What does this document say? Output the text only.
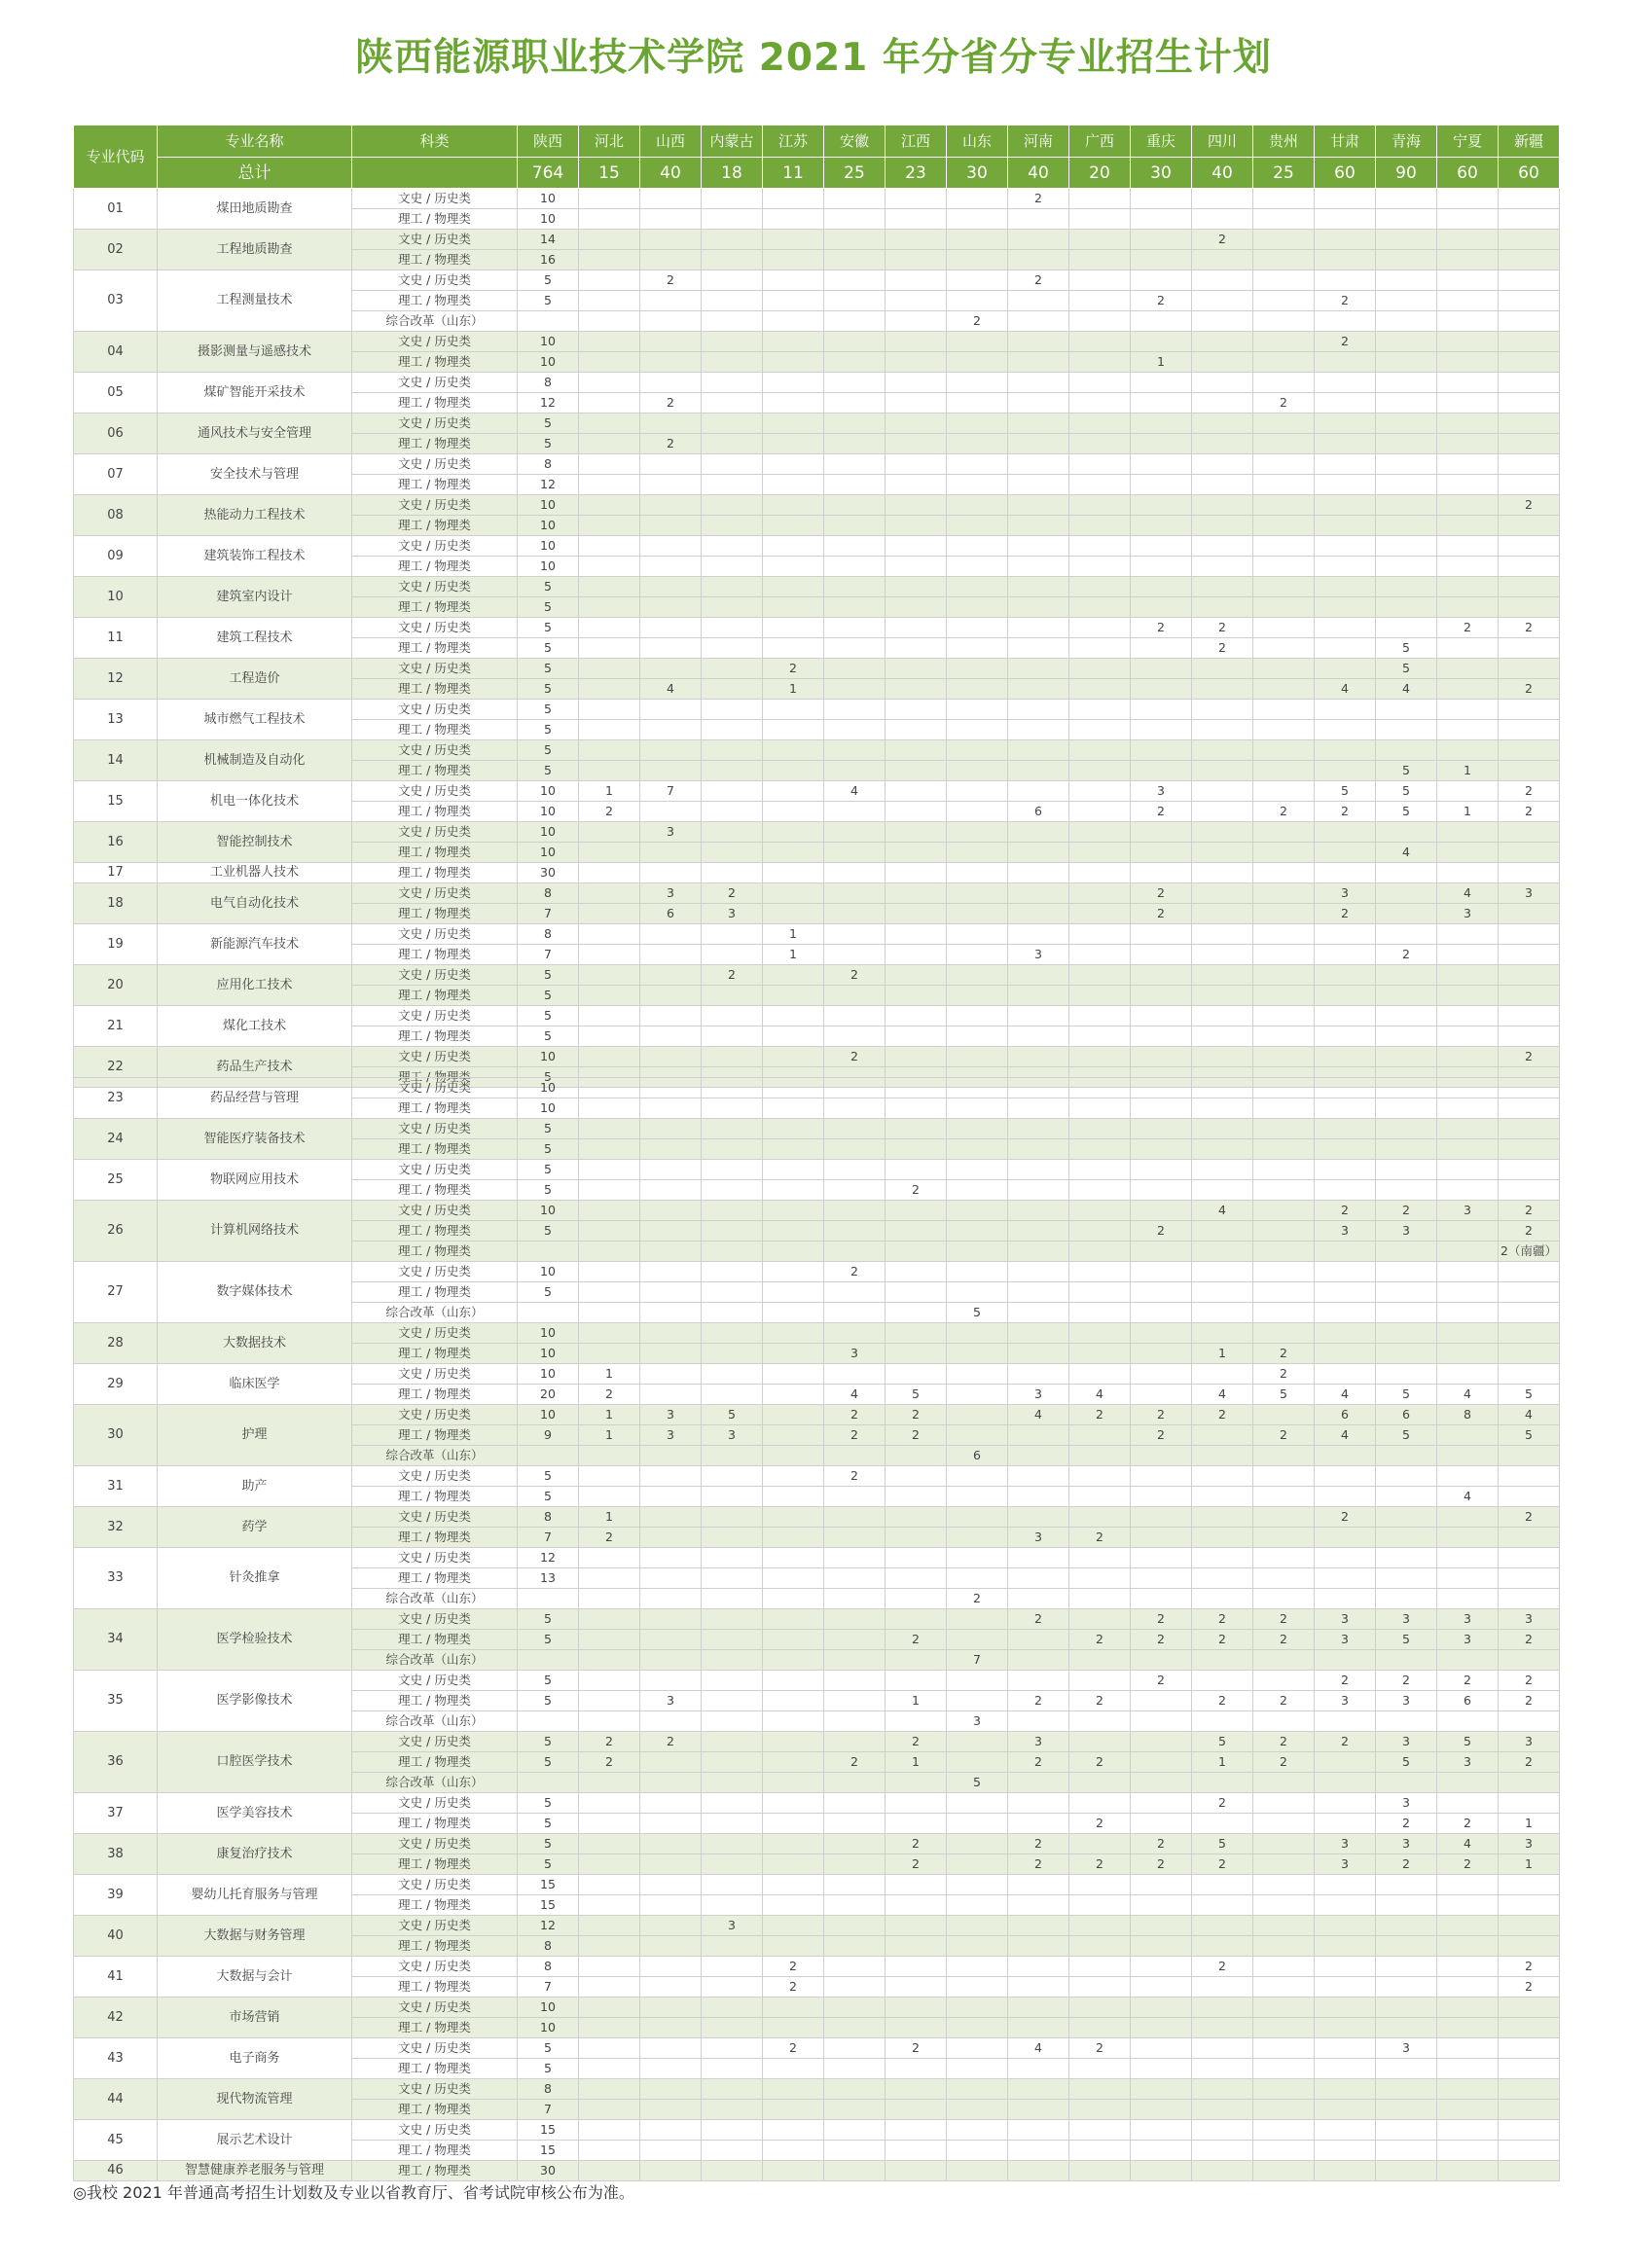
陕西能源职业技术学院 2021 年分省分专业招生计划
专业代码	专业名称	科类	陕西	河北	山西	内蒙古	江苏	安徽	江西	山东	河南	广西	重庆	四川	贵州	甘肃	青海	宁夏	新疆
	总计		764	15	40	18	11	25	23	30	40	20	30	40	25	60	90	60	60
01	煤田地质勘查	文史 / 历史类	10								2								
		理工 / 物理类	10																
02	工程地质勘查	文史 / 历史类	14											2					
		理工 / 物理类	16																
03	工程测量技术	文史 / 历史类	5		2						2								
		理工 / 物理类	5										2			2			
		综合改革（山东）								2									
04	摄影测量与遥感技术	文史 / 历史类	10													2			
		理工 / 物理类	10										1						
05	煤矿智能开采技术	文史 / 历史类	8																
		理工 / 物理类	12		2										2				
06	通风技术与安全管理	文史 / 历史类	5																
		理工 / 物理类	5		2														
07	安全技术与管理	文史 / 历史类	8																
		理工 / 物理类	12																
08	热能动力工程技术	文史 / 历史类	10																2
		理工 / 物理类	10																
09	建筑装饰工程技术	文史 / 历史类	10																
		理工 / 物理类	10																
10	建筑室内设计	文史 / 历史类	5																
		理工 / 物理类	5																
11	建筑工程技术	文史 / 历史类	5										2	2				2	2
		理工 / 物理类	5											2			5		
12	工程造价	文史 / 历史类	5				2										5		
		理工 / 物理类	5		4		1									4	4		2
13	城市燃气工程技术	文史 / 历史类	5																
		理工 / 物理类	5																
14	机械制造及自动化	文史 / 历史类	5																
		理工 / 物理类	5														5	1	
15	机电一体化技术	文史 / 历史类	10	1	7			4					3			5	5		2
		理工 / 物理类	10	2							6		2		2	2	5	1	2
16	智能控制技术	文史 / 历史类	10		3														
		理工 / 物理类	10														4		
17	工业机器人技术	理工 / 物理类	30																
18	电气自动化技术	文史 / 历史类	8		3	2							2			3		4	3
		理工 / 物理类	7		6	3							2			2		3	
19	新能源汽车技术	文史 / 历史类	8				1												
		理工 / 物理类	7				1				3						2		
20	应用化工技术	文史 / 历史类	5			2		2											
		理工 / 物理类	5																
21	煤化工技术	文史 / 历史类	5																
		理工 / 物理类	5																
22	药品生产技术	文史 / 历史类	10					2											2
		理工 / 物理类	5																
23	药品经营与管理	文史 / 历史类	10																
		理工 / 物理类	10																
24	智能医疗装备技术	文史 / 历史类	5																
		理工 / 物理类	5																
25	物联网应用技术	文史 / 历史类	5																
		理工 / 物理类	5						2										
26	计算机网络技术	文史 / 历史类	10											4		2	2	3	2
		理工 / 物理类	5										2			3	3		2
		理工 / 物理类																	2（南疆）
27	数字媒体技术	文史 / 历史类	10					2											
		理工 / 物理类	5																
		综合改革（山东）								5									
28	大数据技术	文史 / 历史类	10																
		理工 / 物理类	10					3						1	2				
29	临床医学	文史 / 历史类	10	1											2				
		理工 / 物理类	20	2				4	5		3	4		4	5	4	5	4	5
30	护理	文史 / 历史类	10	1	3	5		2	2		4	2	2	2		6	6	8	4
		理工 / 物理类	9	1	3	3		2	2				2		2	4	5		5
		综合改革（山东）								6									
31	助产	文史 / 历史类	5					2											
		理工 / 物理类	5															4	
32	药学	文史 / 历史类	8	1												2			2
		理工 / 物理类	7	2							3	2							
33	针灸推拿	文史 / 历史类	12																
		理工 / 物理类	13																
		综合改革（山东）								2									
34	医学检验技术	文史 / 历史类	5								2		2	2	2	3	3	3	3
		理工 / 物理类	5						2			2	2	2	2	3	5	3	2
		综合改革（山东）								7									
35	医学影像技术	文史 / 历史类	5										2			2	2	2	2
		理工 / 物理类	5		3				1		2	2		2	2	3	3	6	2
		综合改革（山东）								3									
36	口腔医学技术	文史 / 历史类	5	2	2				2		3			5	2	2	3	5	3
		理工 / 物理类	5	2				2	1		2	2		1	2		5	3	2
		综合改革（山东）								5									
37	医学美容技术	文史 / 历史类	5											2			3		
		理工 / 物理类	5									2					2	2	1
38	康复治疗技术	文史 / 历史类	5						2		2		2	5		3	3	4	3
		理工 / 物理类	5						2		2	2	2	2		3	2	2	1
39	婴幼儿托育服务与管理	文史 / 历史类	15																
		理工 / 物理类	15																
40	大数据与财务管理	文史 / 历史类	12			3													
		理工 / 物理类	8																
41	大数据与会计	文史 / 历史类	8				2							2					2
		理工 / 物理类	7				2												2
42	市场营销	文史 / 历史类	10																
		理工 / 物理类	10																
43	电子商务	文史 / 历史类	5				2		2		4	2					3		
		理工 / 物理类	5																
44	现代物流管理	文史 / 历史类	8																
		理工 / 物理类	7																
45	展示艺术设计	文史 / 历史类	15																
		理工 / 物理类	15																
46	智慧健康养老服务与管理	理工 / 物理类	30																
◎我校 2021 年普通高考招生计划数及专业以省教育厅、省考试院审核公布为准。
